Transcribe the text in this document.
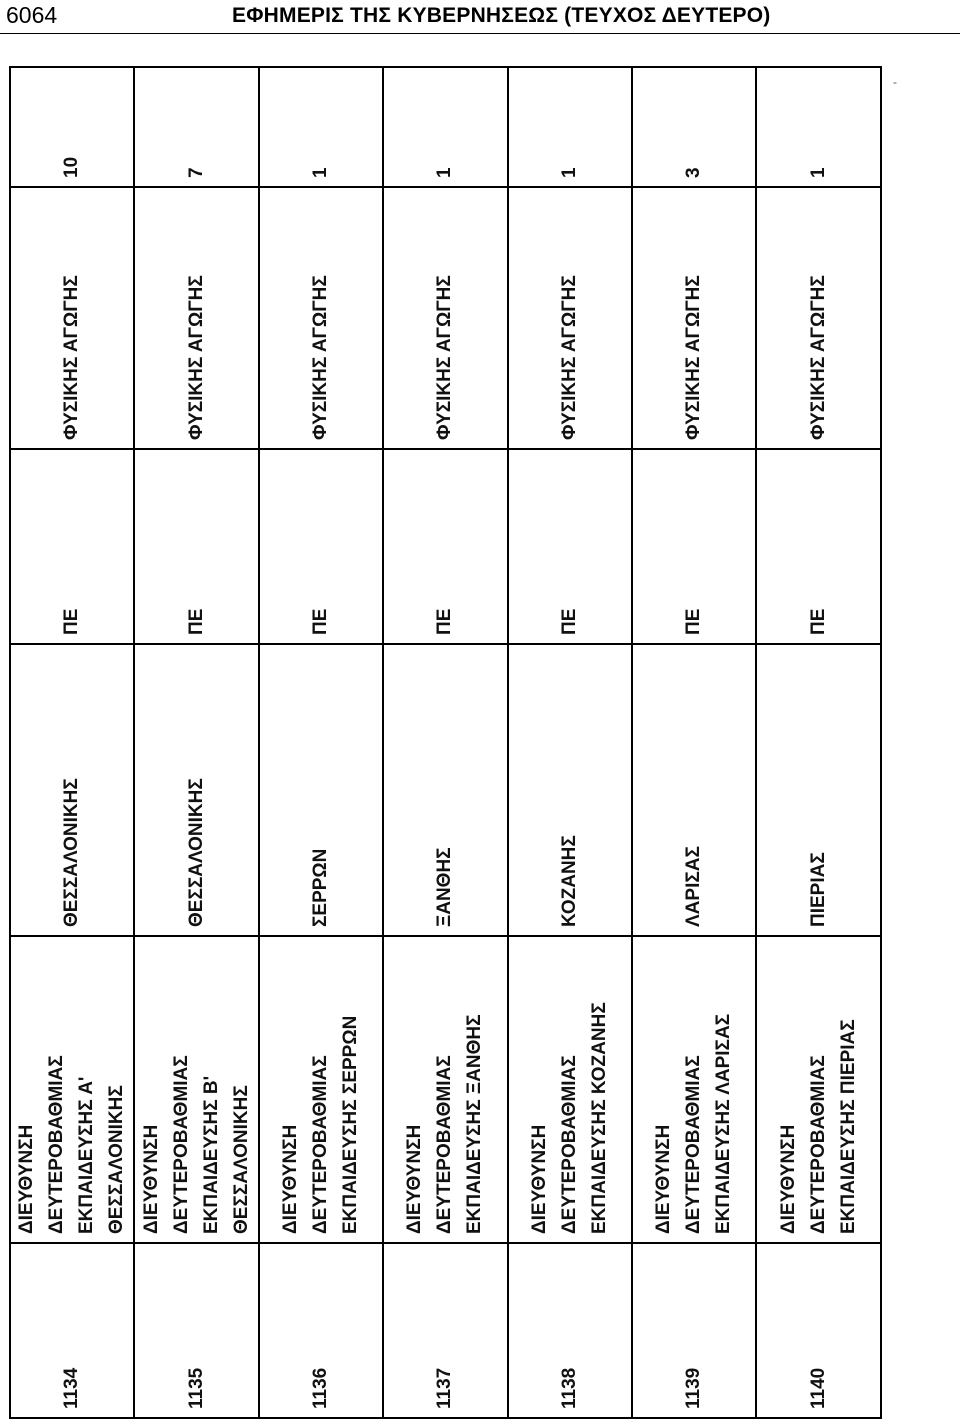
6064	ΕΦΗΜΕΡΙΣ ΤΗΣ ΚΥΒΕΡΝΗΣΕΩΣ (ΤΕΥΧΟΣ ΔΕΥΤΕΡΟ)
-
1134	ΔΙΕΥΘΥΝΣΗ ΔΕΥΤΕΡΟΒΑΘΜΙΑΣ ΕΚΠΑΙΔΕΥΣΗΣ Α' ΘΕΣΣΑΛΟΝΙΚΗΣ	ΘΕΣΣΑΛΟΝΙΚΗΣ	ΠΕ	ΦΥΣΙΚΗΣ ΑΓΩΓΗΣ	10
1135	ΔΙΕΥΘΥΝΣΗ ΔΕΥΤΕΡΟΒΑΘΜΙΑΣ ΕΚΠΑΙΔΕΥΣΗΣ Β' ΘΕΣΣΑΛΟΝΙΚΗΣ	ΘΕΣΣΑΛΟΝΙΚΗΣ	ΠΕ	ΦΥΣΙΚΗΣ ΑΓΩΓΗΣ	7
1136	ΔΙΕΥΘΥΝΣΗ ΔΕΥΤΕΡΟΒΑΘΜΙΑΣ ΕΚΠΑΙΔΕΥΣΗΣ ΣΕΡΡΩΝ	ΣΕΡΡΩΝ	ΠΕ	ΦΥΣΙΚΗΣ ΑΓΩΓΗΣ	1
1137	ΔΙΕΥΘΥΝΣΗ ΔΕΥΤΕΡΟΒΑΘΜΙΑΣ ΕΚΠΑΙΔΕΥΣΗΣ ΞΑΝΘΗΣ	ΞΑΝΘΗΣ	ΠΕ	ΦΥΣΙΚΗΣ ΑΓΩΓΗΣ	1
1138	ΔΙΕΥΘΥΝΣΗ ΔΕΥΤΕΡΟΒΑΘΜΙΑΣ ΕΚΠΑΙΔΕΥΣΗΣ ΚΟΖΑΝΗΣ	ΚΟΖΑΝΗΣ	ΠΕ	ΦΥΣΙΚΗΣ ΑΓΩΓΗΣ	1
1139	ΔΙΕΥΘΥΝΣΗ ΔΕΥΤΕΡΟΒΑΘΜΙΑΣ ΕΚΠΑΙΔΕΥΣΗΣ ΛΑΡΙΣΑΣ	ΛΑΡΙΣΑΣ	ΠΕ	ΦΥΣΙΚΗΣ ΑΓΩΓΗΣ	3
1140	ΔΙΕΥΘΥΝΣΗ ΔΕΥΤΕΡΟΒΑΘΜΙΑΣ ΕΚΠΑΙΔΕΥΣΗΣ ΠΙΕΡΙΑΣ	ΠΙΕΡΙΑΣ	ΠΕ	ΦΥΣΙΚΗΣ ΑΓΩΓΗΣ	1
